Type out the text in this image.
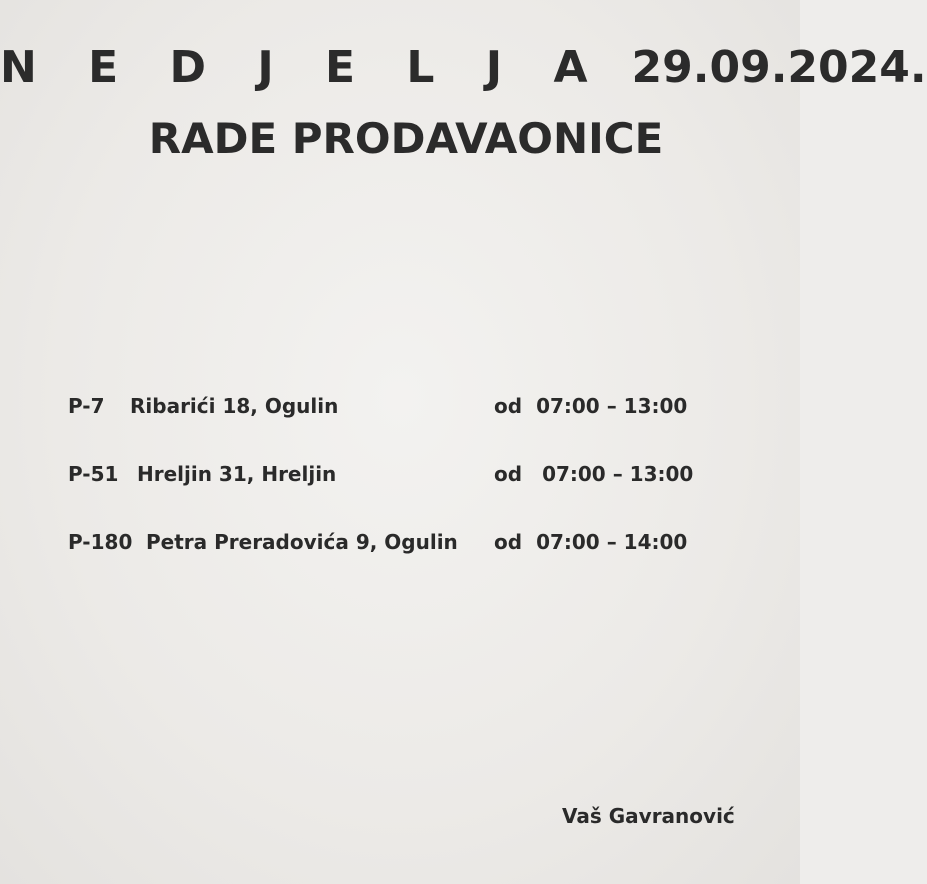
N E D J E L J A 29.09.2024.
RADE PRODAVAONICE
P-7 Ribarići 18, Ogulin	od 07:00 – 13:00
P-51 Hreljin 31, Hreljin	od 07:00 – 13:00
P-180 Petra Preradovića 9, Ogulin od 07:00 – 14:00
Vaš Gavranović
